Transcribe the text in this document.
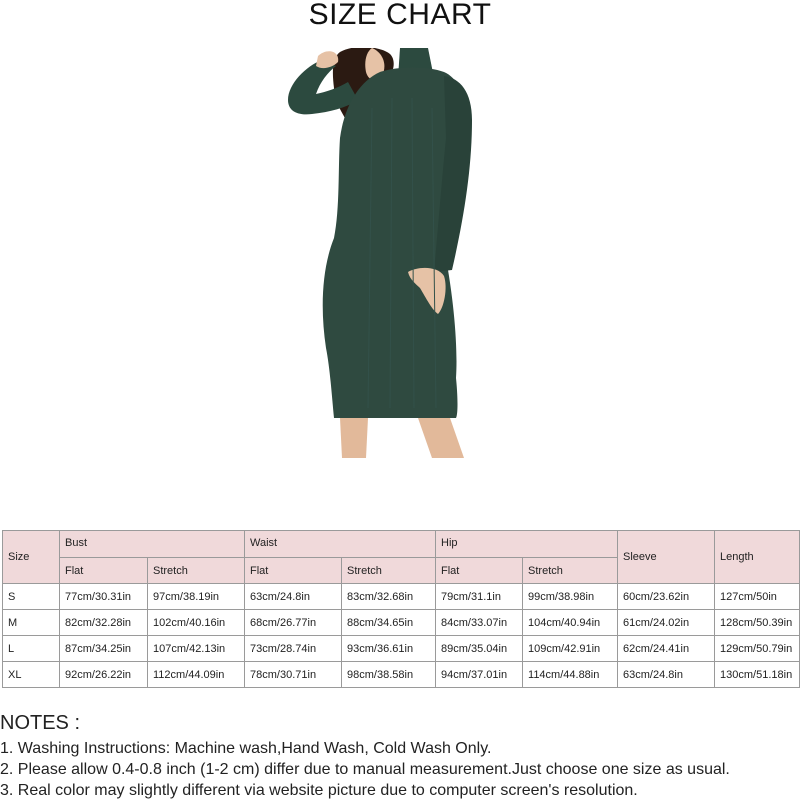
SIZE CHART
Size	Bust		Waist		Hip		Sleeve	Length
	Flat	Stretch	Flat	Stretch	Flat	Stretch		
S	77cm/30.31in	97cm/38.19in	63cm/24.8in	83cm/32.68in	79cm/31.1in	99cm/38.98in	60cm/23.62in	127cm/50in
M	82cm/32.28in	102cm/40.16in	68cm/26.77in	88cm/34.65in	84cm/33.07in	104cm/40.94in	61cm/24.02in	128cm/50.39in
L	87cm/34.25in	107cm/42.13in	73cm/28.74in	93cm/36.61in	89cm/35.04in	109cm/42.91in	62cm/24.41in	129cm/50.79in
XL	92cm/26.22in	112cm/44.09in	78cm/30.71in	98cm/38.58in	94cm/37.01in	114cm/44.88in	63cm/24.8in	130cm/51.18in
NOTES :
1. Washing Instructions: Machine wash,Hand Wash, Cold Wash Only.
2. Please allow 0.4-0.8 inch (1-2 cm) differ due to manual measurement.Just choose one size as usual.
3. Real color may slightly different via website picture due to computer screen's resolution.
